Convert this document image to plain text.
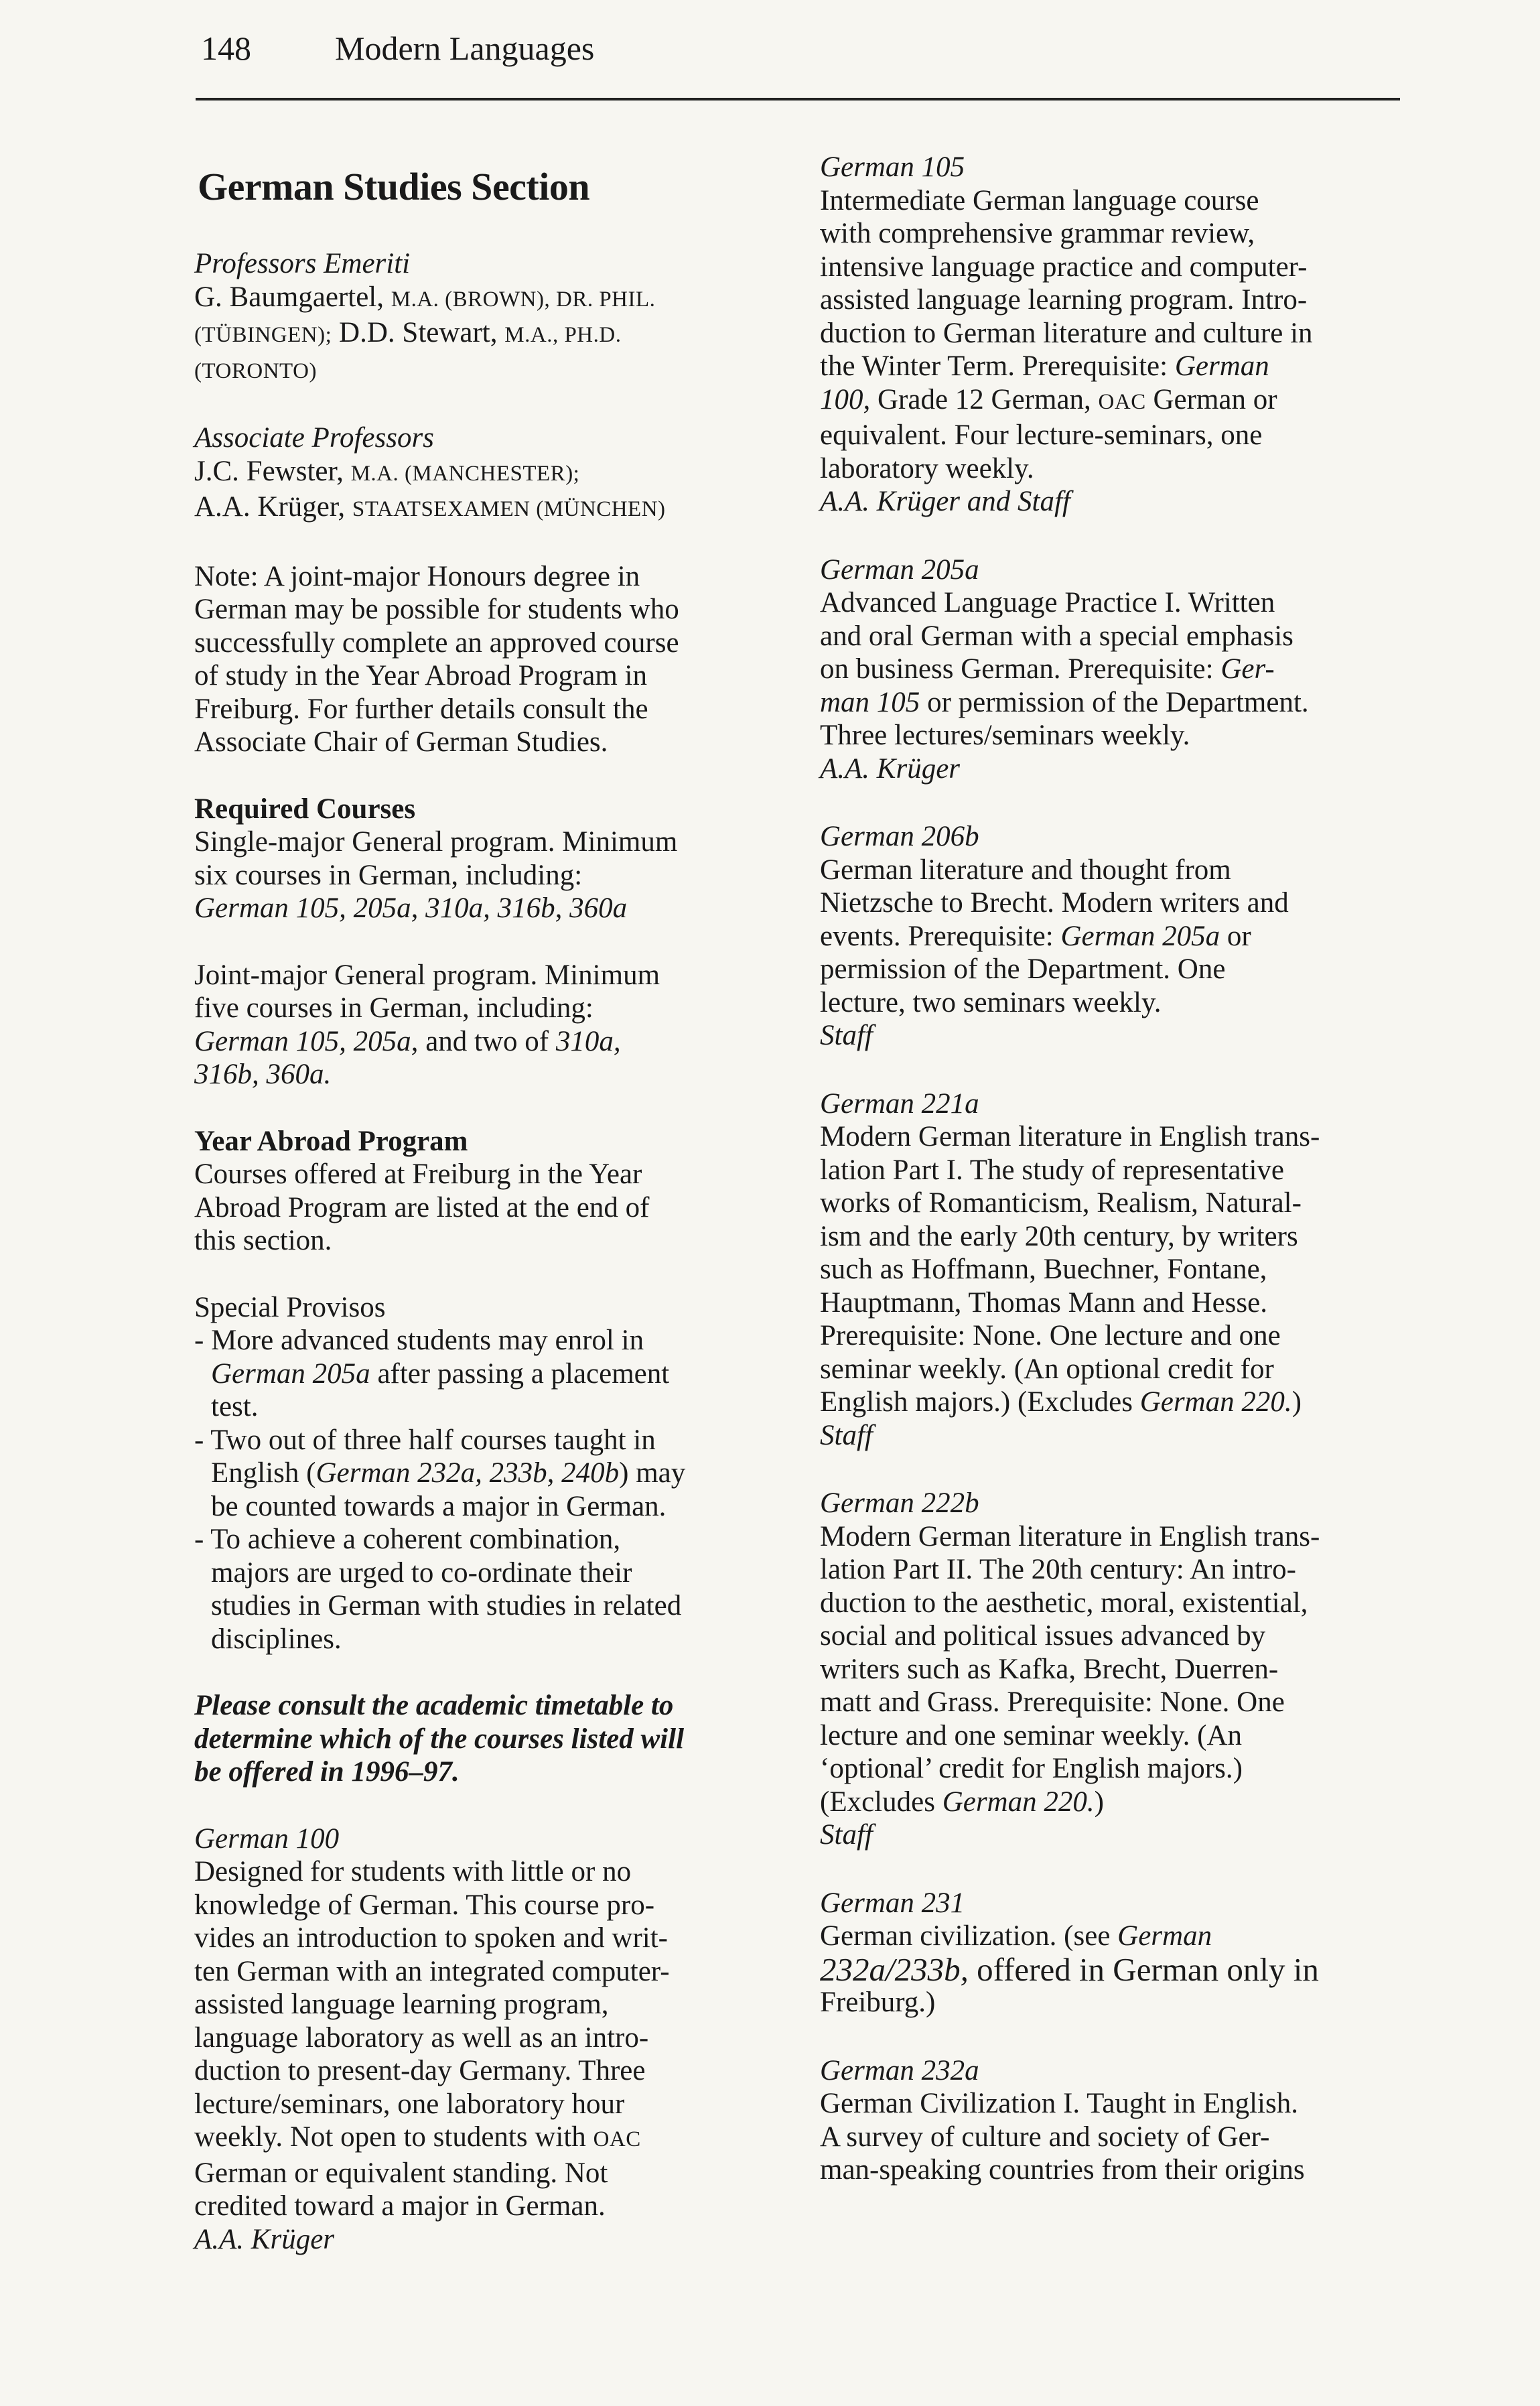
148	Modern Languages

German Studies Section

Professors Emeriti

G. Baumgaertel, M.A. (BROWN), DR. PHIL.

(TÜBINGEN); D.D. Stewart, M.A., PH.D.

(TORONTO)

Associate Professors

J.C. Fewster, M.A. (MANCHESTER);

A.A. Krüger, STAATSEXAMEN (MÜNCHEN)

Note: A joint-major Honours degree in

German may be possible for students who

successfully complete an approved course

of study in the Year Abroad Program in

Freiburg. For further details consult the

Associate Chair of German Studies.

Required Courses

Single-major General program. Minimum

six courses in German, including:

German 105, 205a, 310a, 316b, 360a

Joint-major General program. Minimum

five courses in German, including:

German 105, 205a, and two of 310a,

316b, 360a.

Year Abroad Program

Courses offered at Freiburg in the Year

Abroad Program are listed at the end of

this section.

Special Provisos

- More advanced students may enrol in

German 205a after passing a placement

test.

- Two out of three half courses taught in

English (German 232a, 233b, 240b) may

be counted towards a major in German.

- To achieve a coherent combination,

majors are urged to co-ordinate their

studies in German with studies in related

disciplines.

Please consult the academic timetable to

determine which of the courses listed will

be offered in 1996–97.

German 100

Designed for students with little or no

knowledge of German. This course pro-

vides an introduction to spoken and writ-

ten German with an integrated computer-

assisted language learning program,

language laboratory as well as an intro-

duction to present-day Germany. Three

lecture/seminars, one laboratory hour

weekly. Not open to students with OAC

German or equivalent standing. Not

credited toward a major in German.

A.A. Krüger

German 105

Intermediate German language course

with comprehensive grammar review,

intensive language practice and computer-

assisted language learning program. Intro-

duction to German literature and culture in

the Winter Term. Prerequisite: German

100, Grade 12 German, OAC German or

equivalent. Four lecture-seminars, one

laboratory weekly.

A.A. Krüger and Staff

German 205a

Advanced Language Practice I. Written

and oral German with a special emphasis

on business German. Prerequisite: Ger-

man 105 or permission of the Department.

Three lectures/seminars weekly.

A.A. Krüger

German 206b

German literature and thought from

Nietzsche to Brecht. Modern writers and

events. Prerequisite: German 205a or

permission of the Department. One

lecture, two seminars weekly.

Staff

German 221a

Modern German literature in English trans-

lation Part I. The study of representative

works of Romanticism, Realism, Natural-

ism and the early 20th century, by writers

such as Hoffmann, Buechner, Fontane,

Hauptmann, Thomas Mann and Hesse.

Prerequisite: None. One lecture and one

seminar weekly. (An optional credit for

English majors.) (Excludes German 220.)

Staff

German 222b

Modern German literature in English trans-

lation Part II. The 20th century: An intro-

duction to the aesthetic, moral, existential,

social and political issues advanced by

writers such as Kafka, Brecht, Duerren-

matt and Grass. Prerequisite: None. One

lecture and one seminar weekly. (An

‘optional’ credit for English majors.)

(Excludes German 220.)

Staff

German 231

German civilization. (see German

232a/233b, offered in German only in

Freiburg.)

German 232a

German Civilization I. Taught in English.

A survey of culture and society of Ger-

man-speaking countries from their origins
